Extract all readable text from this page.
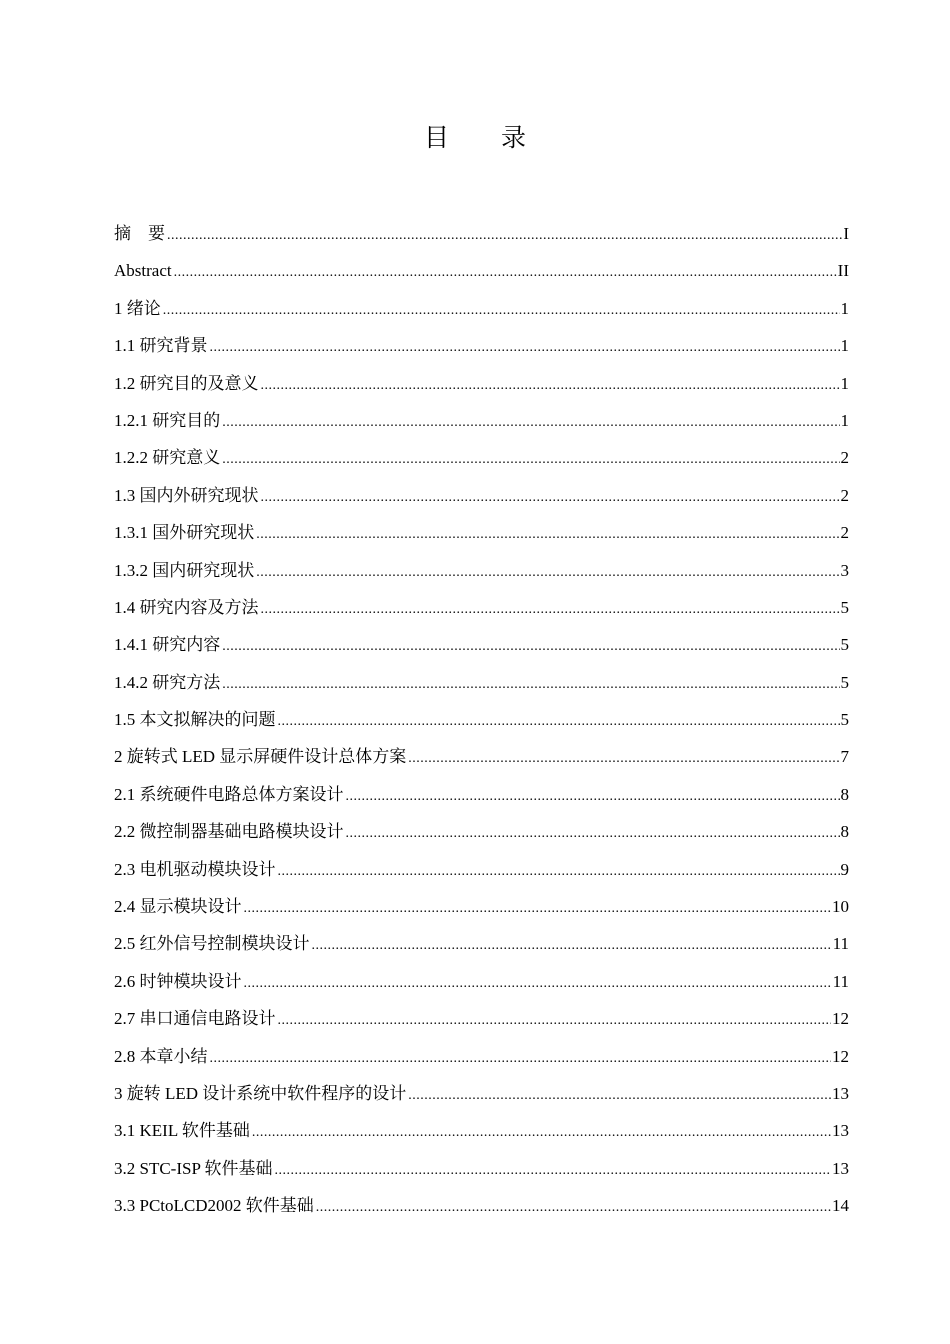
目 录
摘　要 .....	I
Abstract .....	II
1 绪论 .....	1
1.1 研究背景 .....	1
1.2 研究目的及意义 .....	1
1.2.1 研究目的 .....	1
1.2.2 研究意义 .....	2
1.3 国内外研究现状 .....	2
1.3.1 国外研究现状 .....	2
1.3.2 国内研究现状 .....	3
1.4 研究内容及方法 .....	5
1.4.1 研究内容 .....	5
1.4.2 研究方法 .....	5
1.5 本文拟解决的问题 .....	5
2 旋转式 LED 显示屏硬件设计总体方案 .....	7
2.1 系统硬件电路总体方案设计 .....	8
2.2 微控制器基础电路模块设计 .....	8
2.3 电机驱动模块设计 .....	9
2.4 显示模块设计 .....	10
2.5 红外信号控制模块设计 .....	11
2.6 时钟模块设计 .....	11
2.7 串口通信电路设计 .....	12
2.8 本章小结 .....	12
3 旋转 LED 设计系统中软件程序的设计 .....	13
3.1 KEIL 软件基础 .....	13
3.2 STC-ISP 软件基础 .....	13
3.3 PCtoLCD2002 软件基础 .....	14
